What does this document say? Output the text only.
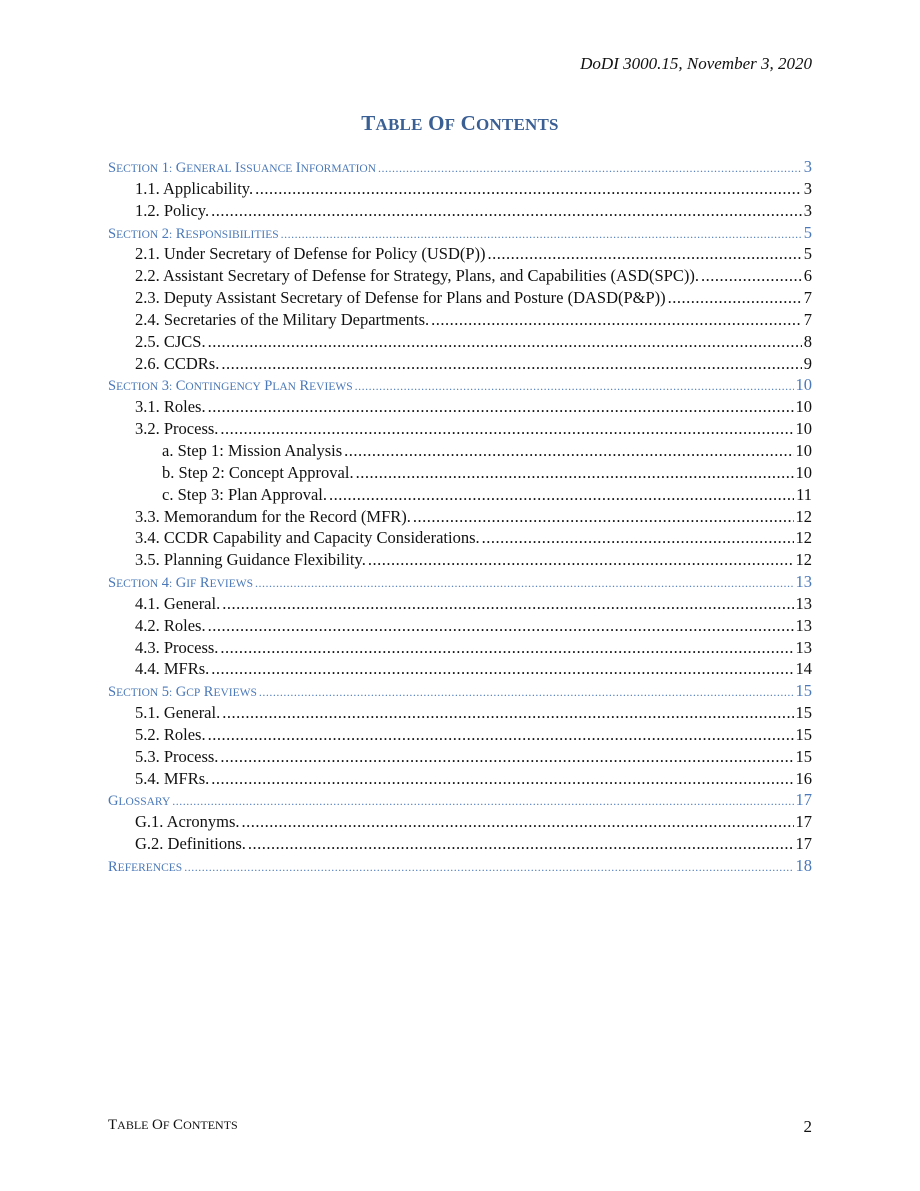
DoDI 3000.15, November 3, 2020
TABLE OF CONTENTS
SECTION 1: GENERAL ISSUANCE INFORMATION .....	3
1.1. Applicability. .....	3
1.2. Policy. .....	3
SECTION 2: RESPONSIBILITIES .....	5
2.1. Under Secretary of Defense for Policy (USD(P)) .....	5
2.2. Assistant Secretary of Defense for Strategy, Plans, and Capabilities (ASD(SPC)). .....	6
2.3. Deputy Assistant Secretary of Defense for Plans and Posture (DASD(P&P)) .....	7
2.4. Secretaries of the Military Departments. .....	7
2.5. CJCS. .....	8
2.6. CCDRs. .....	9
SECTION 3: CONTINGENCY PLAN REVIEWS .....	10
3.1. Roles. .....	10
3.2. Process. .....	10
a. Step 1: Mission Analysis .....	10
b. Step 2: Concept Approval. .....	10
c. Step 3: Plan Approval. .....	11
3.3. Memorandum for the Record (MFR). .....	12
3.4. CCDR Capability and Capacity Considerations. .....	12
3.5. Planning Guidance Flexibility. .....	12
SECTION 4: GIF REVIEWS .....	13
4.1. General. .....	13
4.2. Roles. .....	13
4.3. Process. .....	13
4.4. MFRs. .....	14
SECTION 5: GCP REVIEWS .....	15
5.1. General. .....	15
5.2. Roles. .....	15
5.3. Process. .....	15
5.4. MFRs. .....	16
GLOSSARY .....	17
G.1. Acronyms. .....	17
G.2. Definitions. .....	17
REFERENCES .....	18
TABLE OF CONTENTS	2
